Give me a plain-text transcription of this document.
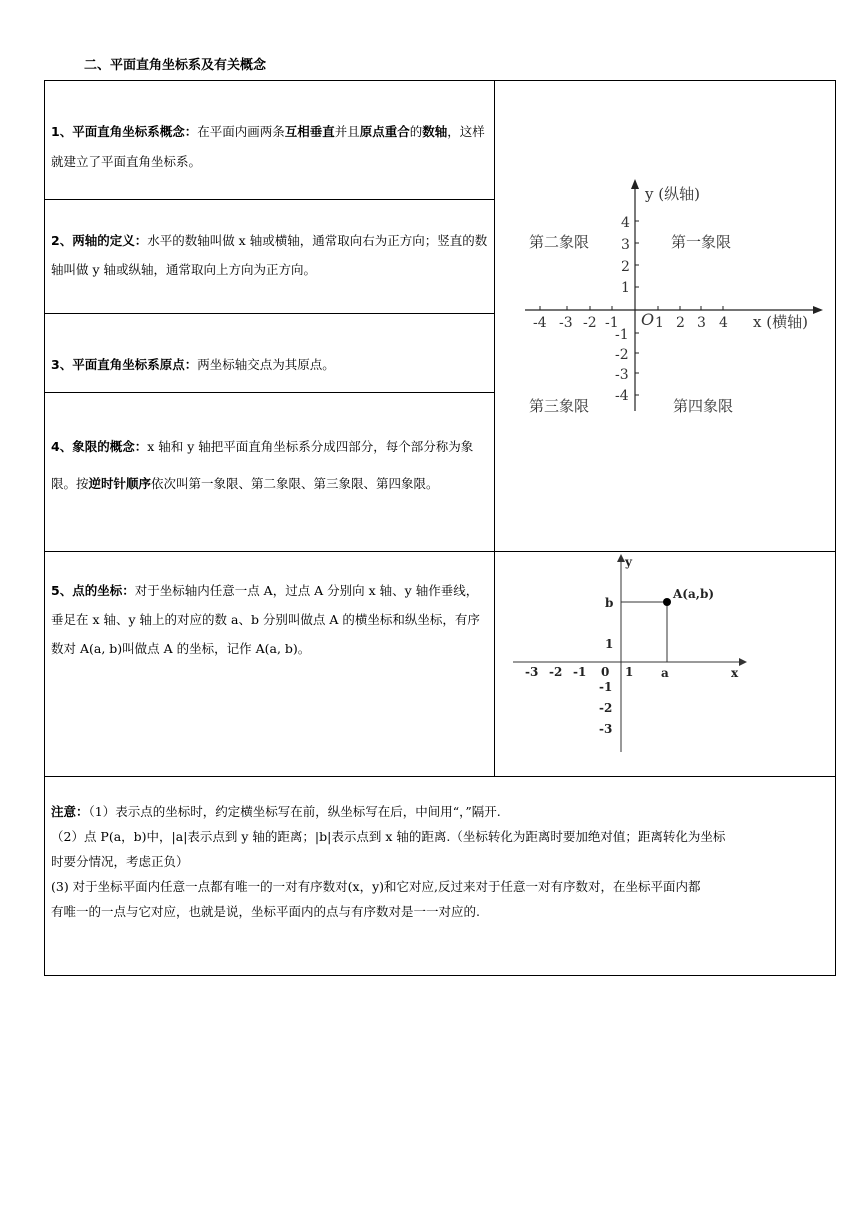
二、平面直角坐标系及有关概念
1、平面直角坐标系概念：在平面内画两条互相垂直并且原点重合的数轴，这样就建立了平面直角坐标系。
2、两轴的定义：水平的数轴叫做 x 轴或横轴，通常取向右为正方向；竖直的数轴叫做 y 轴或纵轴，通常取向上方向为正方向。
3、平面直角坐标系原点：两坐标轴交点为其原点。
4、象限的概念：x 轴和 y 轴把平面直角坐标系分成四部分，每个部分称为象限。按逆时针顺序依次叫第一象限、第二象限、第三象限、第四象限。
-4 -3 -2 -1	1 2 3 4
4
3
2
1
-1
-2
-3
-4
O
y (纵轴)
x (横轴)
第二象限	第一象限
第三象限	第四象限
5、点的坐标：对于坐标轴内任意一点 A，过点 A 分别向 x 轴、y 轴作垂线，垂足在 x 轴、y 轴上的对应的数 a、b 分别叫做点 A 的横坐标和纵坐标，有序数对 A(a, b)叫做点 A 的坐标，记作 A(a, b)。
y
x
A(a,b)
b
a
0
-3 -2 -1	1
1
-1
-2
-3
注意：（1）表示点的坐标时，约定横坐标写在前，纵坐标写在后，中间用“，”隔开.
（2）点 P(a，b)中，|a|表示点到 y 轴的距离；|b|表示点到 x 轴的距离.（坐标转化为距离时要加绝对值；距离转化为坐标
时要分情况，考虑正负）
(3) 对于坐标平面内任意一点都有唯一的一对有序数对(x，y)和它对应,反过来对于任意一对有序数对，在坐标平面内都
有唯一的一点与它对应，也就是说，坐标平面内的点与有序数对是一一对应的.
